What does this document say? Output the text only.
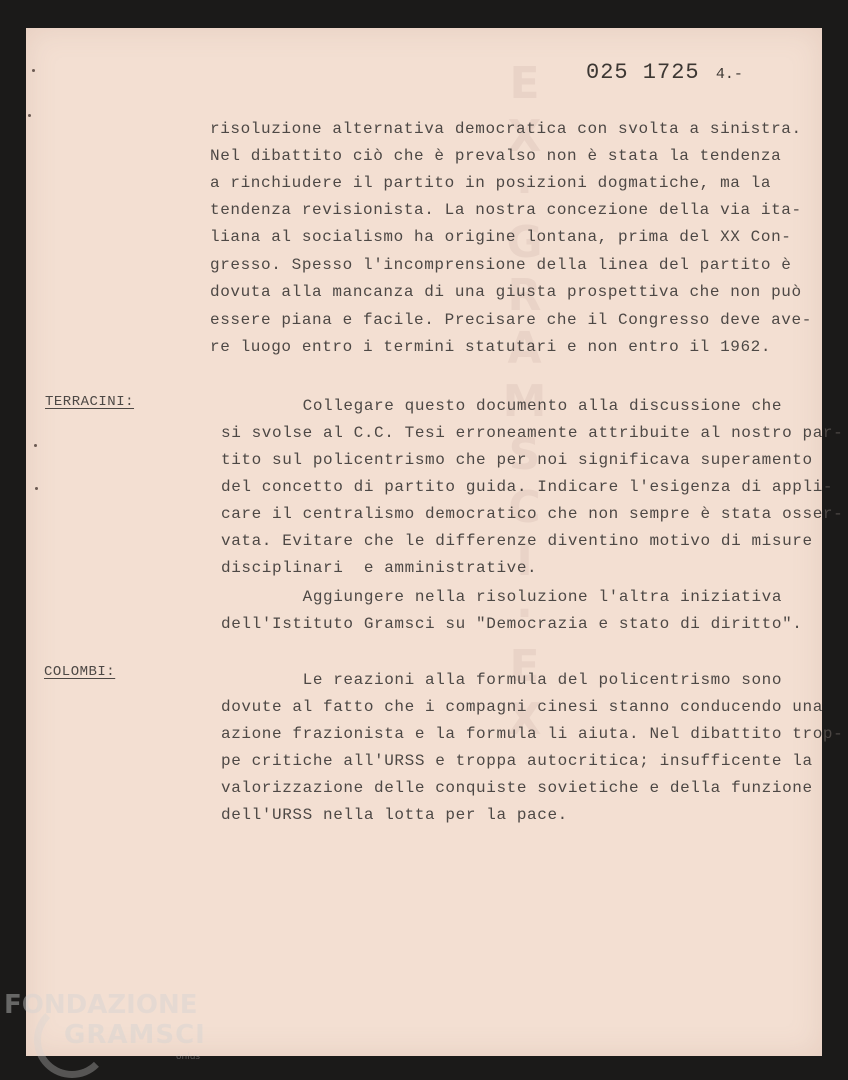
EX·GRAMSCI·EX 025 1725 4.-
risoluzione alternativa democratica con svolta a sinistra.
Nel dibattito ciò che è prevalso non è stata la tendenza
a rinchiudere il partito in posizioni dogmatiche, ma la
tendenza revisionista. La nostra concezione della via ita-
liana al socialismo ha origine lontana, prima del XX Con-
gresso. Spesso l'incomprensione della linea del partito è
dovuta alla mancanza di una giusta prospettiva che non può
essere piana e facile. Precisare che il Congresso deve ave-
re luogo entro i termini statutari e non entro il 1962.
TERRACINI:	Collegare questo documento alla discussione che
si svolse al C.C. Tesi erroneamente attribuite al nostro par-
tito sul policentrismo che per noi significava superamento
del concetto di partito guida. Indicare l'esigenza di appli-
care il centralismo democratico che non sempre è stata osser-
vata. Evitare che le differenze diventino motivo di misure
disciplinari  e amministrative.
Aggiungere nella risoluzione l'altra iniziativa
dell'Istituto Gramsci su "Democrazia e stato di diritto".
COLOMBI:	Le reazioni alla formula del policentrismo sono
dovute al fatto che i compagni cinesi stanno conducendo una
azione frazionista e la formula li aiuta. Nel dibattito trop-
pe critiche all'URSS e troppa autocritica; insufficente la
valorizzazione delle conquiste sovietiche e della funzione
dell'URSS nella lotta per la pace.
FONDAZIONE
GRAMSCI
onlus
